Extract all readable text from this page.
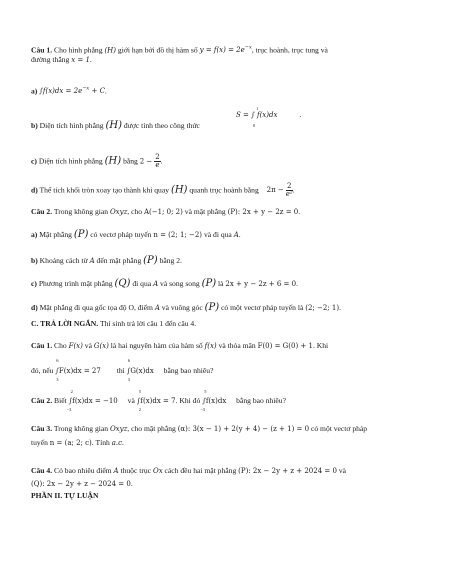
Câu 1. Cho hình phẳng (H) giới hạn bởi đồ thị hàm số $y = f(x) = 2e^{-x}$, trục hoành, trục tung và
đường thẳng x = 1.
a) $\int f(x)dx = 2e^{-x} + C$.
b) Diện tích hình phẳng (H) được tính theo công thức
S = ∫ f(x)dx	.
1
0
c) Diện tích hình phẳng (H) bằng $2 - \frac{2}{e}$ .
d) Thể tích khối tròn xoay tạo thành khi quay (H) quanh trục hoành bằng $2\pi - \frac{2}{\text{e²}}$ .
Câu 2. Trong không gian Oxyz, cho A(−1; 0; 2) và mặt phẳng (P): 2x + y − 2z = 0.
a) Mặt phẳng (P) có vectơ pháp tuyến n = (2; 1; −2) và đi qua A.
b) Khoảng cách từ A đến mặt phẳng (P) bằng 2.
c) Phương trình mặt phẳng (Q) đi qua A và song song (P) là 2x + y − 2z + 6 = 0.
d) Mặt phẳng đi qua gốc tọa độ O, điểm A và vuông góc (P) có một vectơ pháp tuyến là (2; −2; 1).
C. TRẢ LỜI NGẮN. Thí sinh trả lời câu 1 đến câu 4.
Câu 1. Cho F(x) và G(x) là hai nguyên hàm của hàm số f(x) và thỏa mãn F(0) = G(0) + 1. Khi
đó, nếu ∫F(x)dx = 27
6
3
thì ∫G(x)dx
6
3
bằng bao nhiêu?
Câu 2. Biết ∫f(x)dx = −10
2
−3
và ∫f(x)dx = 7
5
2
. Khi đó ∫f(x)dx
5
−3
bằng bao nhiêu?
Câu 3. Trong không gian Oxyz, cho mặt phẳng (α): 3(x − 1) + 2(y + 4) − (z + 1) = 0 có một vectơ pháp
tuyến n = (a; 2; c). Tính a.c.
Câu 4. Có bao nhiêu điểm A thuộc trục Ox cách đều hai mặt phẳng (P): 2x − 2y + z + 2024 = 0 và
(Q): 2x − 2y + z − 2024 = 0.
PHẦN II. TỰ LUẬN
